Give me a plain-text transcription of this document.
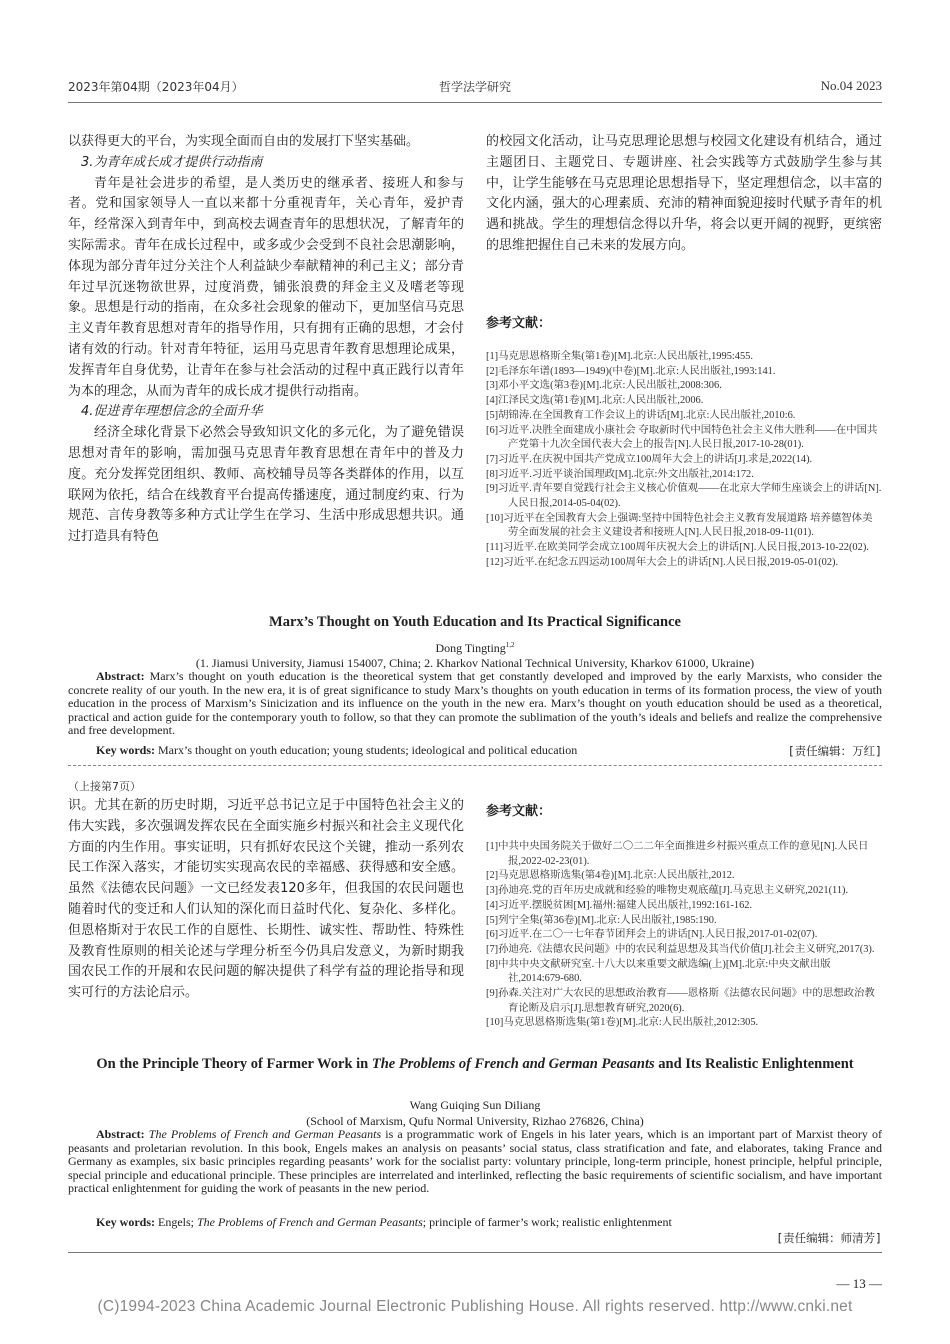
2023年第04期（2023年04月）	哲学法学研究	No.04 2023

以获得更大的平台，为实现全面而自由的发展打下坚实基础。

3.为青年成长成才提供行动指南

青年是社会进步的希望，是人类历史的继承者、接班人和参与者。党和国家领导人一直以来都十分重视青年，关心青年，爱护青年，经常深入到青年中，到高校去调查青年的思想状况，了解青年的实际需求。青年在成长过程中，或多或少会受到不良社会思潮影响，体现为部分青年过分关注个人利益缺少奉献精神的利己主义；部分青年过早沉迷物欲世界，过度消费，铺张浪费的拜金主义及嗜老等现象。思想是行动的指南，在众多社会现象的催动下，更加坚信马克思主义青年教育思想对青年的指导作用，只有拥有正确的思想，才会付诸有效的行动。针对青年特征，运用马克思青年教育思想理论成果，发挥青年自身优势，让青年在参与社会活动的过程中真正践行以青年为本的理念，从而为青年的成长成才提供行动指南。

4.促进青年理想信念的全面升华

经济全球化背景下必然会导致知识文化的多元化，为了避免错误思想对青年的影响，需加强马克思青年教育思想在青年中的普及力度。充分发挥党团组织、教师、高校辅导员等各类群体的作用，以互联网为依托，结合在线教育平台提高传播速度，通过制度约束、行为规范、言传身教等多种方式让学生在学习、生活中形成思想共识。通过打造具有特色

的校园文化活动，让马克思理论思想与校园文化建设有机结合，通过主题团日、主题党日、专题讲座、社会实践等方式鼓励学生参与其中，让学生能够在马克思理论思想指导下，坚定理想信念，以丰富的文化内涵，强大的心理素质、充沛的精神面貌迎接时代赋予青年的机遇和挑战。学生的理想信念得以升华，将会以更开阔的视野，更缤密的思维把握住自己未来的发展方向。

参考文献：
[1]马克思恩格斯全集(第1卷)[M].北京:人民出版社,1995:455.
[2]毛泽东年谱(1893—1949)(中卷)[M].北京:人民出版社,1993:141.
[3]邓小平文选(第3卷)[M].北京:人民出版社,2008:306.
[4]江泽民文选(第1卷)[M].北京:人民出版社,2006.
[5]胡锦涛.在全国教育工作会议上的讲话[M].北京:人民出版社,2010:6.
[6]习近平.决胜全面建成小康社会 夺取新时代中国特色社会主义伟大胜利——在中国共产党第十九次全国代表大会上的报告[N].人民日报,2017-10-28(01).
[7]习近平.在庆祝中国共产党成立100周年大会上的讲话[J].求是,2022(14).
[8]习近平.习近平谈治国理政[M].北京:外文出版社,2014:172.
[9]习近平.青年要自觉践行社会主义核心价值观——在北京大学师生座谈会上的讲话[N].人民日报,2014-05-04(02).
[10]习近平在全国教育大会上强调:坚持中国特色社会主义教育发展道路 培养德智体美劳全面发展的社会主义建设者和接班人[N].人民日报,2018-09-11(01).
[11]习近平.在欧美同学会成立100周年庆祝大会上的讲话[N].人民日报,2013-10-22(02).
[12]习近平.在纪念五四运动100周年大会上的讲话[N].人民日报,2019-05-01(02).
Marx’s Thought on Youth Education and Its Practical Significance
Dong Tingting$^{1,2}$
(1. Jiamusi University, Jiamusi 154007, China; 2. Kharkov National Technical University, Kharkov 61000, Ukraine)
Abstract: Marx’s thought on youth education is the theoretical system that get constantly developed and improved by the early Marxists, who consider the concrete reality of our youth. In the new era, it is of great significance to study Marx’s thoughts on youth education in terms of its formation process, the view of youth education in the process of Marxism’s Sinicization and its influence on the youth in the new era. Marx’s thought on youth education should be used as a theoretical, practical and action guide for the contemporary youth to follow, so that they can promote the sublimation of the youth’s ideals and beliefs and realize the comprehensive and free development.
Key words: Marx’s thought on youth education; young students; ideological and political education	[责任编辑：万红]
（上接第7页）

识。尤其在新的历史时期，习近平总书记立足于中国特色社会主义的伟大实践，多次强调发挥农民在全面实施乡村振兴和社会主义现代化方面的内生作用。事实证明，只有抓好农民这个关键，推动一系列农民工作深入落实，才能切实实现高农民的幸福感、获得感和安全感。虽然《法德农民问题》一文已经发表120多年，但我国的农民问题也随着时代的变迁和人们认知的深化而日益时代化、复杂化、多样化。但恩格斯对于农民工作的自愿性、长期性、诚实性、帮助性、特殊性及教育性原则的相关论述与学理分析至今仍具启发意义，为新时期我国农民工作的开展和农民问题的解决提供了科学有益的理论指导和现实可行的方法论启示。

参考文献：
[1]中共中央国务院关于做好二〇二二年全面推进乡村振兴重点工作的意见[N].人民日报,2022-02-23(01).
[2]马克思恩格斯选集(第4卷)[M].北京:人民出版社,2012.
[3]孙迪亮.党的百年历史成就和经验的唯物史观底蕴[J].马克思主义研究,2021(11).
[4]习近平.摆脱贫困[M].福州:福建人民出版社,1992:161-162.
[5]列宁全集(第36卷)[M].北京:人民出版社,1985:190.
[6]习近平.在二〇一七年春节团拜会上的讲话[N].人民日报,2017-01-02(07).
[7]孙迪亮.《法德农民问题》中的农民利益思想及其当代价值[J].社会主义研究,2017(3).
[8]中共中央文献研究室.十八大以来重要文献选编(上)[M].北京:中央文献出版社,2014:679-680.
[9]孙森.关注对广大农民的思想政治教育——恩格斯《法德农民问题》中的思想政治教育论断及启示[J].思想教育研究,2020(6).
[10]马克思恩格斯选集(第1卷)[M].北京:人民出版社,2012:305.
On the Principle Theory of Farmer Work in The Problems of French and German Peasants and Its Realistic Enlightenment
Wang Guiqing Sun Diliang
(School of Marxism, Qufu Normal University, Rizhao 276826, China)
Abstract: The Problems of French and German Peasants is a programmatic work of Engels in his later years, which is an important part of Marxist theory of peasants and proletarian revolution. In this book, Engels makes an analysis on peasants’ social status, class stratification and fate, and elaborates, taking France and Germany as examples, six basic principles regarding peasants’ work for the socialist party: voluntary principle, long-term principle, honest principle, helpful principle, special principle and educational principle. These principles are interrelated and interlinked, reflecting the basic requirements of scientific socialism, and have important practical enlightenment for guiding the work of peasants in the new period.
Key words: Engels; The Problems of French and German Peasants; principle of farmer’s work; realistic enlightenment
[责任编辑：师清芳]
— 13 —
(C)1994-2023 China Academic Journal Electronic Publishing House. All rights reserved. http://www.cnki.net
